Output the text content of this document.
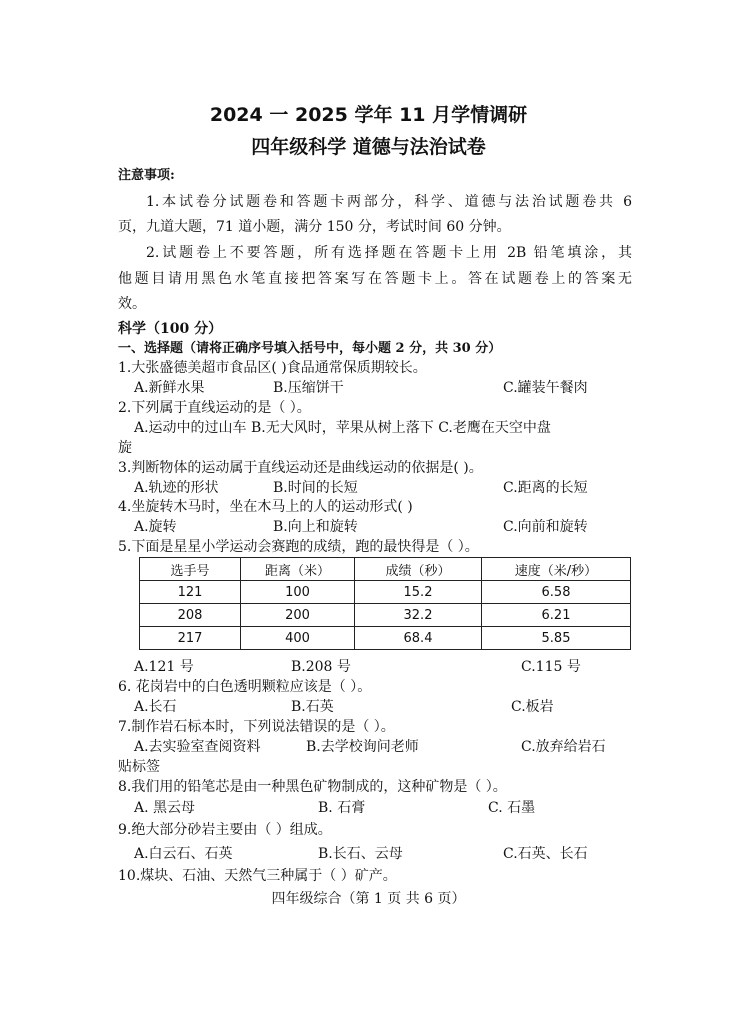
2024 一 2025 学年 11 月学情调研
四年级科学 道德与法治试卷
注意事项:
1.本试卷分试题卷和答题卡两部分，科学、道德与法治试题卷共 6
页，九道大题，71 道小题，满分 150 分，考试时间 60 分钟。
2.试题卷上不要答题，所有选择题在答题卡上用 2B 铅笔填涂，其
他题目请用黑色水笔直接把答案写在答题卡上。答在试题卷上的答案无
效。
科学（100 分）
一、选择题（请将正确序号填入括号中，每小题 2 分，共 30 分）
1.大张盛德美超市食品区( )食品通常保质期较长。
A.新鲜水果	B.压缩饼干	C.罐装午餐肉
2.下列属于直线运动的是（ ）。
A.运动中的过山车 B.无大风时，苹果从树上落下 C.老鹰在天空中盘
旋
3.判断物体的运动属于直线运动还是曲线运动的依据是( )。
A.轨迹的形状	B.时间的长短	C.距离的长短
4.坐旋转木马时，坐在木马上的人的运动形式( )
A.旋转	B.向上和旋转	C.向前和旋转
5.下面是星星小学运动会赛跑的成绩，跑的最快得是（ ）。
选手号	距离（米）	成绩（秒）	速度（米/秒）
121	100	15.2	6.58
208	200	32.2	6.21
217	400	68.4	5.85
A.121 号	B.208 号	C.115 号
6. 花岗岩中的白色透明颗粒应该是（ ）。
A.长石	B.石英	C.板岩
7.制作岩石标本时，下列说法错误的是（ ）。
A.去实验室查阅资料	B.去学校询问老师	C.放弃给岩石
贴标签
8.我们用的铅笔芯是由一种黑色矿物制成的，这种矿物是（ ）。
A. 黑云母	B. 石膏	C. 石墨
9.绝大部分砂岩主要由（ ）组成。
A.白云石、石英	B.长石、云母	C.石英、长石
10.煤块、石油、天然气三种属于（ ）矿产。
四年级综合（第 1 页 共 6 页）
